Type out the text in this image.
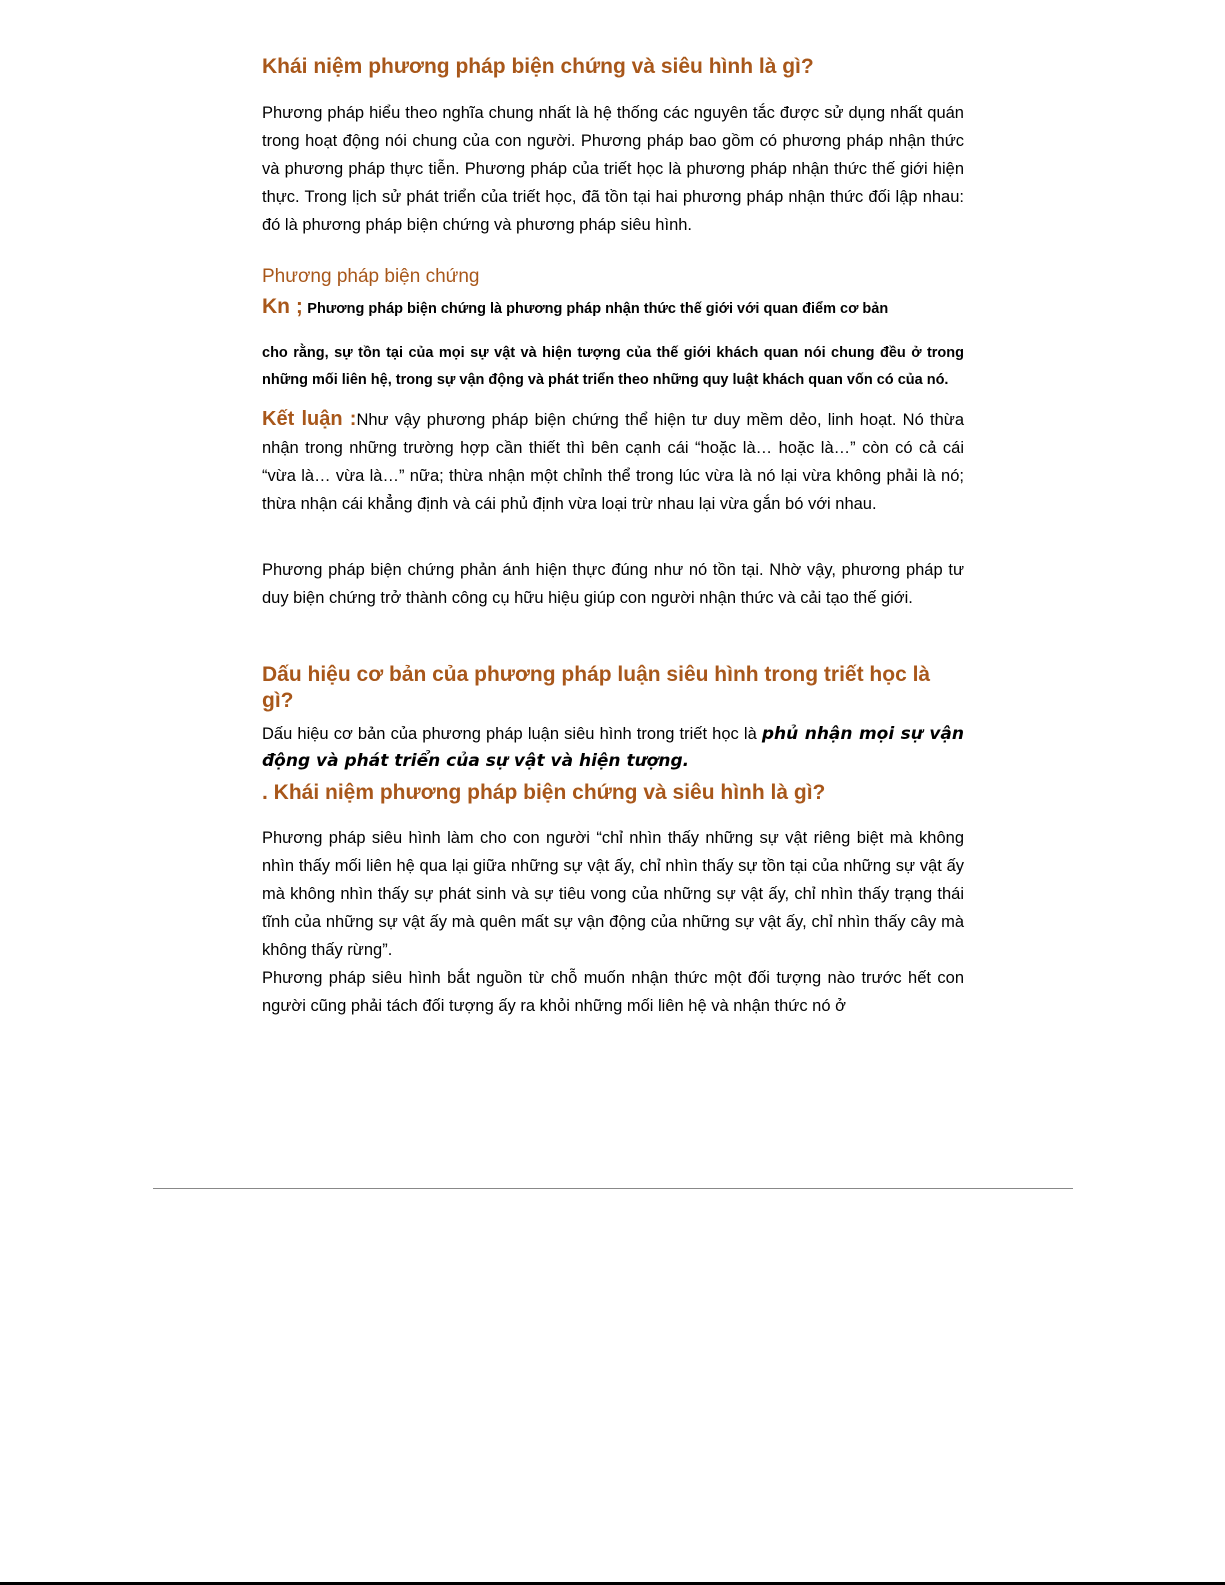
Khái niệm phương pháp biện chứng và siêu hình là gì?

Phương pháp hiểu theo nghĩa chung nhất là hệ thống các nguyên tắc được sử dụng nhất quán trong hoạt động nói chung của con người. Phương pháp bao gồm có phương pháp nhận thức và phương pháp thực tiễn. Phương pháp của triết học là phương pháp nhận thức thế giới hiện thực. Trong lịch sử phát triển của triết học, đã tồn tại hai phương pháp nhận thức đối lập nhau: đó là phương pháp biện chứng và phương pháp siêu hình.

Phương pháp biện chứng

Kn ; Phương pháp biện chứng là phương pháp nhận thức thế giới với quan điểm cơ bản

cho rằng, sự tồn tại của mọi sự vật và hiện tượng của thế giới khách quan nói chung đều ở trong những mối liên hệ, trong sự vận động và phát triển theo những quy luật khách quan vốn có của nó.

Kết luận :Như vậy phương pháp biện chứng thể hiện tư duy mềm dẻo, linh hoạt. Nó thừa nhận trong những trường hợp cần thiết thì bên cạnh cái “hoặc là… hoặc là…” còn có cả cái “vừa là… vừa là…” nữa; thừa nhận một chỉnh thể trong lúc vừa là nó lại vừa không phải là nó; thừa nhận cái khẳng định và cái phủ định vừa loại trừ nhau lại vừa gắn bó với nhau.

Phương pháp biện chứng phản ánh hiện thực đúng như nó tồn tại. Nhờ vậy, phương pháp tư duy biện chứng trở thành công cụ hữu hiệu giúp con người nhận thức và cải tạo thế giới.

Dấu hiệu cơ bản của phương pháp luận siêu hình trong triết học là gì?

Dấu hiệu cơ bản của phương pháp luận siêu hình trong triết học là phủ nhận mọi sự vận động và phát triển của sự vật và hiện tượng.

. Khái niệm phương pháp biện chứng và siêu hình là gì?

Phương pháp siêu hình làm cho con người “chỉ nhìn thấy những sự vật riêng biệt mà không nhìn thấy mối liên hệ qua lại giữa những sự vật ấy, chỉ nhìn thấy sự tồn tại của những sự vật ấy mà không nhìn thấy sự phát sinh và sự tiêu vong của những sự vật ấy, chỉ nhìn thấy trạng thái tĩnh của những sự vật ấy mà quên mất sự vận động của những sự vật ấy, chỉ nhìn thấy cây mà không thấy rừng”.

Phương pháp siêu hình bắt nguồn từ chỗ muốn nhận thức một đối tượng nào trước hết con người cũng phải tách đối tượng ấy ra khỏi những mối liên hệ và nhận thức nó ở
